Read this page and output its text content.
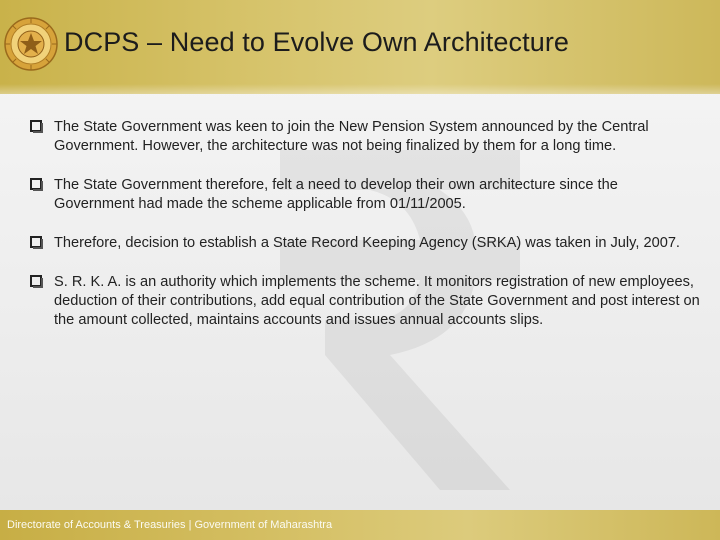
DCPS – Need to Evolve Own Architecture
The State Government was keen to join the New Pension System announced by the Central Government. However, the architecture was not being finalized by them for a long time.
The State Government therefore, felt a need to develop their own architecture since the Government had made the scheme applicable from 01/11/2005.
Therefore, decision to establish a State Record Keeping Agency (SRKA) was taken in July, 2007.
S. R. K. A. is an authority which implements the scheme. It monitors registration of new employees, deduction of their contributions, add equal contribution of the State Government and post interest on the amount collected, maintains accounts and issues annual accounts slips.
Directorate of Accounts & Treasuries | Government of Maharashtra
